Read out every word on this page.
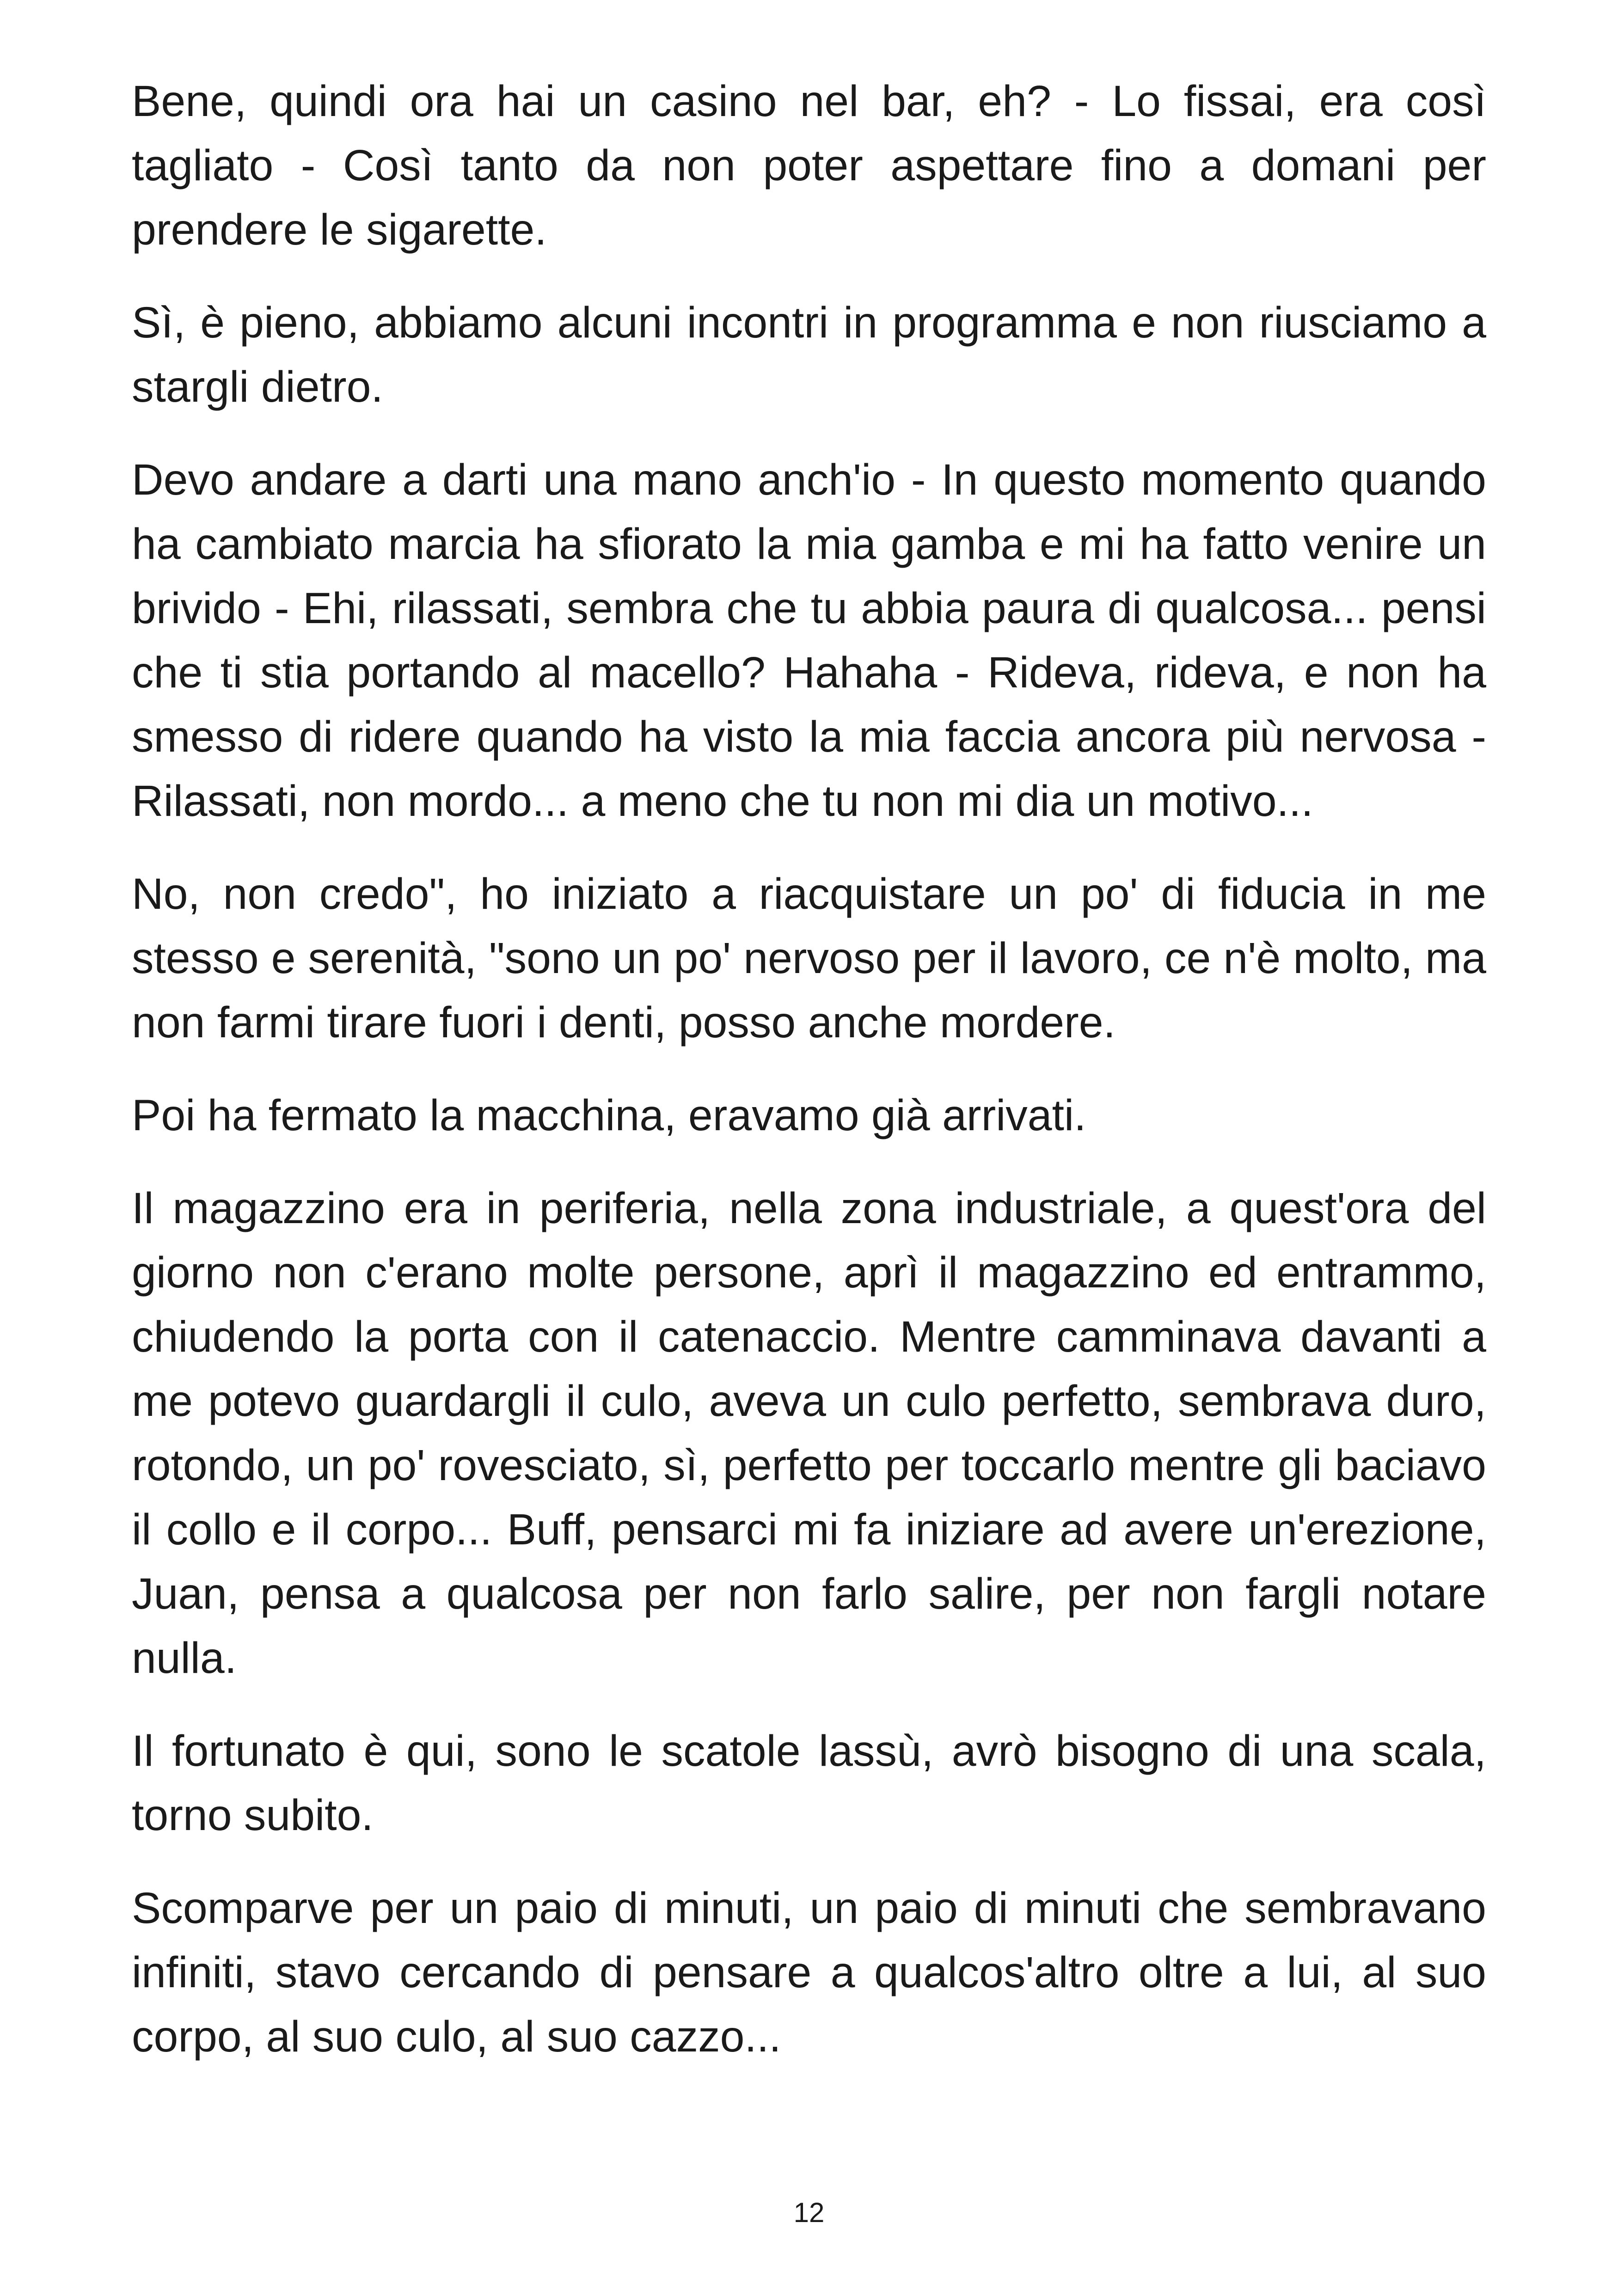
Bene, quindi ora hai un casino nel bar, eh? - Lo fissai, era così tagliato - Così tanto da non poter aspettare fino a domani per prendere le sigarette.

Sì, è pieno, abbiamo alcuni incontri in programma e non riusciamo a stargli dietro.

Devo andare a darti una mano anch'io - In questo momento quando ha cambiato marcia ha sfiorato la mia gamba e mi ha fatto venire un brivido - Ehi, rilassati, sembra che tu abbia paura di qualcosa... pensi che ti stia portando al macello? Hahaha - Rideva, rideva, e non ha smesso di ridere quando ha visto la mia faccia ancora più nervosa - Rilassati, non mordo... a meno che tu non mi dia un motivo...

No, non credo", ho iniziato a riacquistare un po' di fiducia in me stesso e serenità, "sono un po' nervoso per il lavoro, ce n'è molto, ma non farmi tirare fuori i denti, posso anche mordere.

Poi ha fermato la macchina, eravamo già arrivati.

Il magazzino era in periferia, nella zona industriale, a quest'ora del giorno non c'erano molte persone, aprì il magazzino ed entrammo, chiudendo la porta con il catenaccio. Mentre camminava davanti a me potevo guardargli il culo, aveva un culo perfetto, sembrava duro, rotondo, un po' rovesciato, sì, perfetto per toccarlo mentre gli baciavo il collo e il corpo... Buff, pensarci mi fa iniziare ad avere un'erezione, Juan, pensa a qualcosa per non farlo salire, per non fargli notare nulla.

Il fortunato è qui, sono le scatole lassù, avrò bisogno di una scala, torno subito.

Scomparve per un paio di minuti, un paio di minuti che sembravano infiniti, stavo cercando di pensare a qualcos'altro oltre a lui, al suo corpo, al suo culo, al suo cazzo...

12
